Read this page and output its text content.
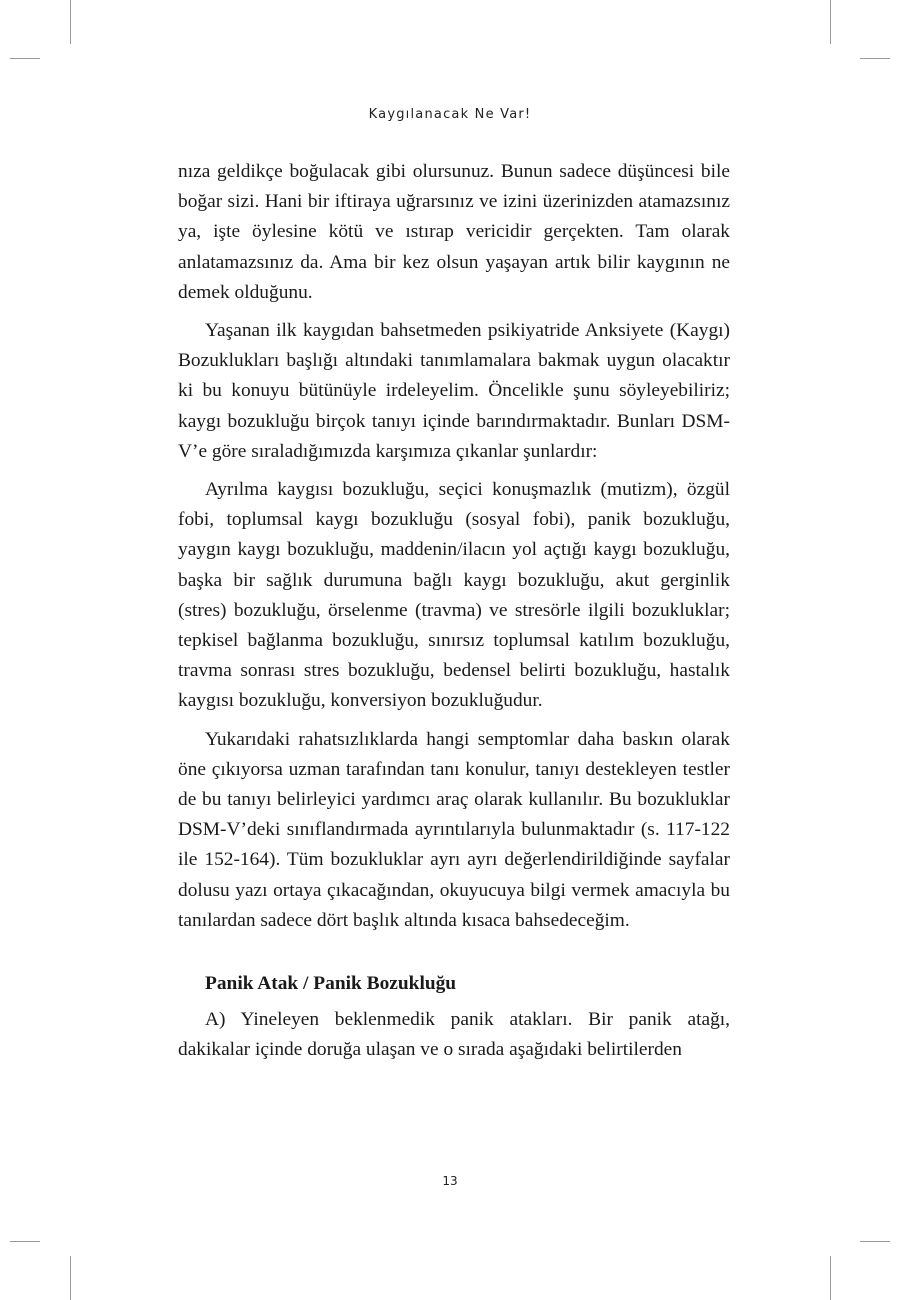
Kaygılanacak Ne Var!

nıza geldikçe boğulacak gibi olursunuz. Bunun sadece düşüncesi bile boğar sizi. Hani bir iftiraya uğrarsınız ve izini üzerinizden atamazsınız ya, işte öylesine kötü ve ıstırap vericidir gerçekten. Tam olarak anlatamazsınız da. Ama bir kez olsun yaşayan artık bilir kaygının ne demek olduğunu.

Yaşanan ilk kaygıdan bahsetmeden psikiyatride Anksiyete (Kaygı) Bozuklukları başlığı altındaki tanımlamalara bakmak uygun olacaktır ki bu konuyu bütünüyle irdeleyelim. Öncelikle şunu söyleyebiliriz; kaygı bozukluğu birçok tanıyı içinde barındırmaktadır. Bunları DSM-V’e göre sıraladığımızda karşımıza çıkanlar şunlardır:

Ayrılma kaygısı bozukluğu, seçici konuşmazlık (mutizm), özgül fobi, toplumsal kaygı bozukluğu (sosyal fobi), panik bozukluğu, yaygın kaygı bozukluğu, maddenin/ilacın yol açtığı kaygı bozukluğu, başka bir sağlık durumuna bağlı kaygı bozukluğu, akut gerginlik (stres) bozukluğu, örselenme (travma) ve stresörle ilgili bozukluklar; tepkisel bağlanma bozukluğu, sınırsız toplumsal katılım bozukluğu, travma sonrası stres bozukluğu, bedensel belirti bozukluğu, hastalık kaygısı bozukluğu, konversiyon bozukluğudur.

Yukarıdaki rahatsızlıklarda hangi semptomlar daha baskın olarak öne çıkıyorsa uzman tarafından tanı konulur, tanıyı destekleyen testler de bu tanıyı belirleyici yardımcı araç olarak kullanılır. Bu bozukluklar DSM-V’deki sınıflandırmada ayrıntılarıyla bulunmaktadır (s. 117-122 ile 152-164). Tüm bozukluklar ayrı ayrı değerlendirildiğinde sayfalar dolusu yazı ortaya çıkacağından, okuyucuya bilgi vermek amacıyla bu tanılardan sadece dört başlık altında kısaca bahsedeceğim.

Panik Atak / Panik Bozukluğu

A) Yineleyen beklenmedik panik atakları. Bir panik atağı, dakikalar içinde doruğa ulaşan ve o sırada aşağıdaki belirtilerden

13
